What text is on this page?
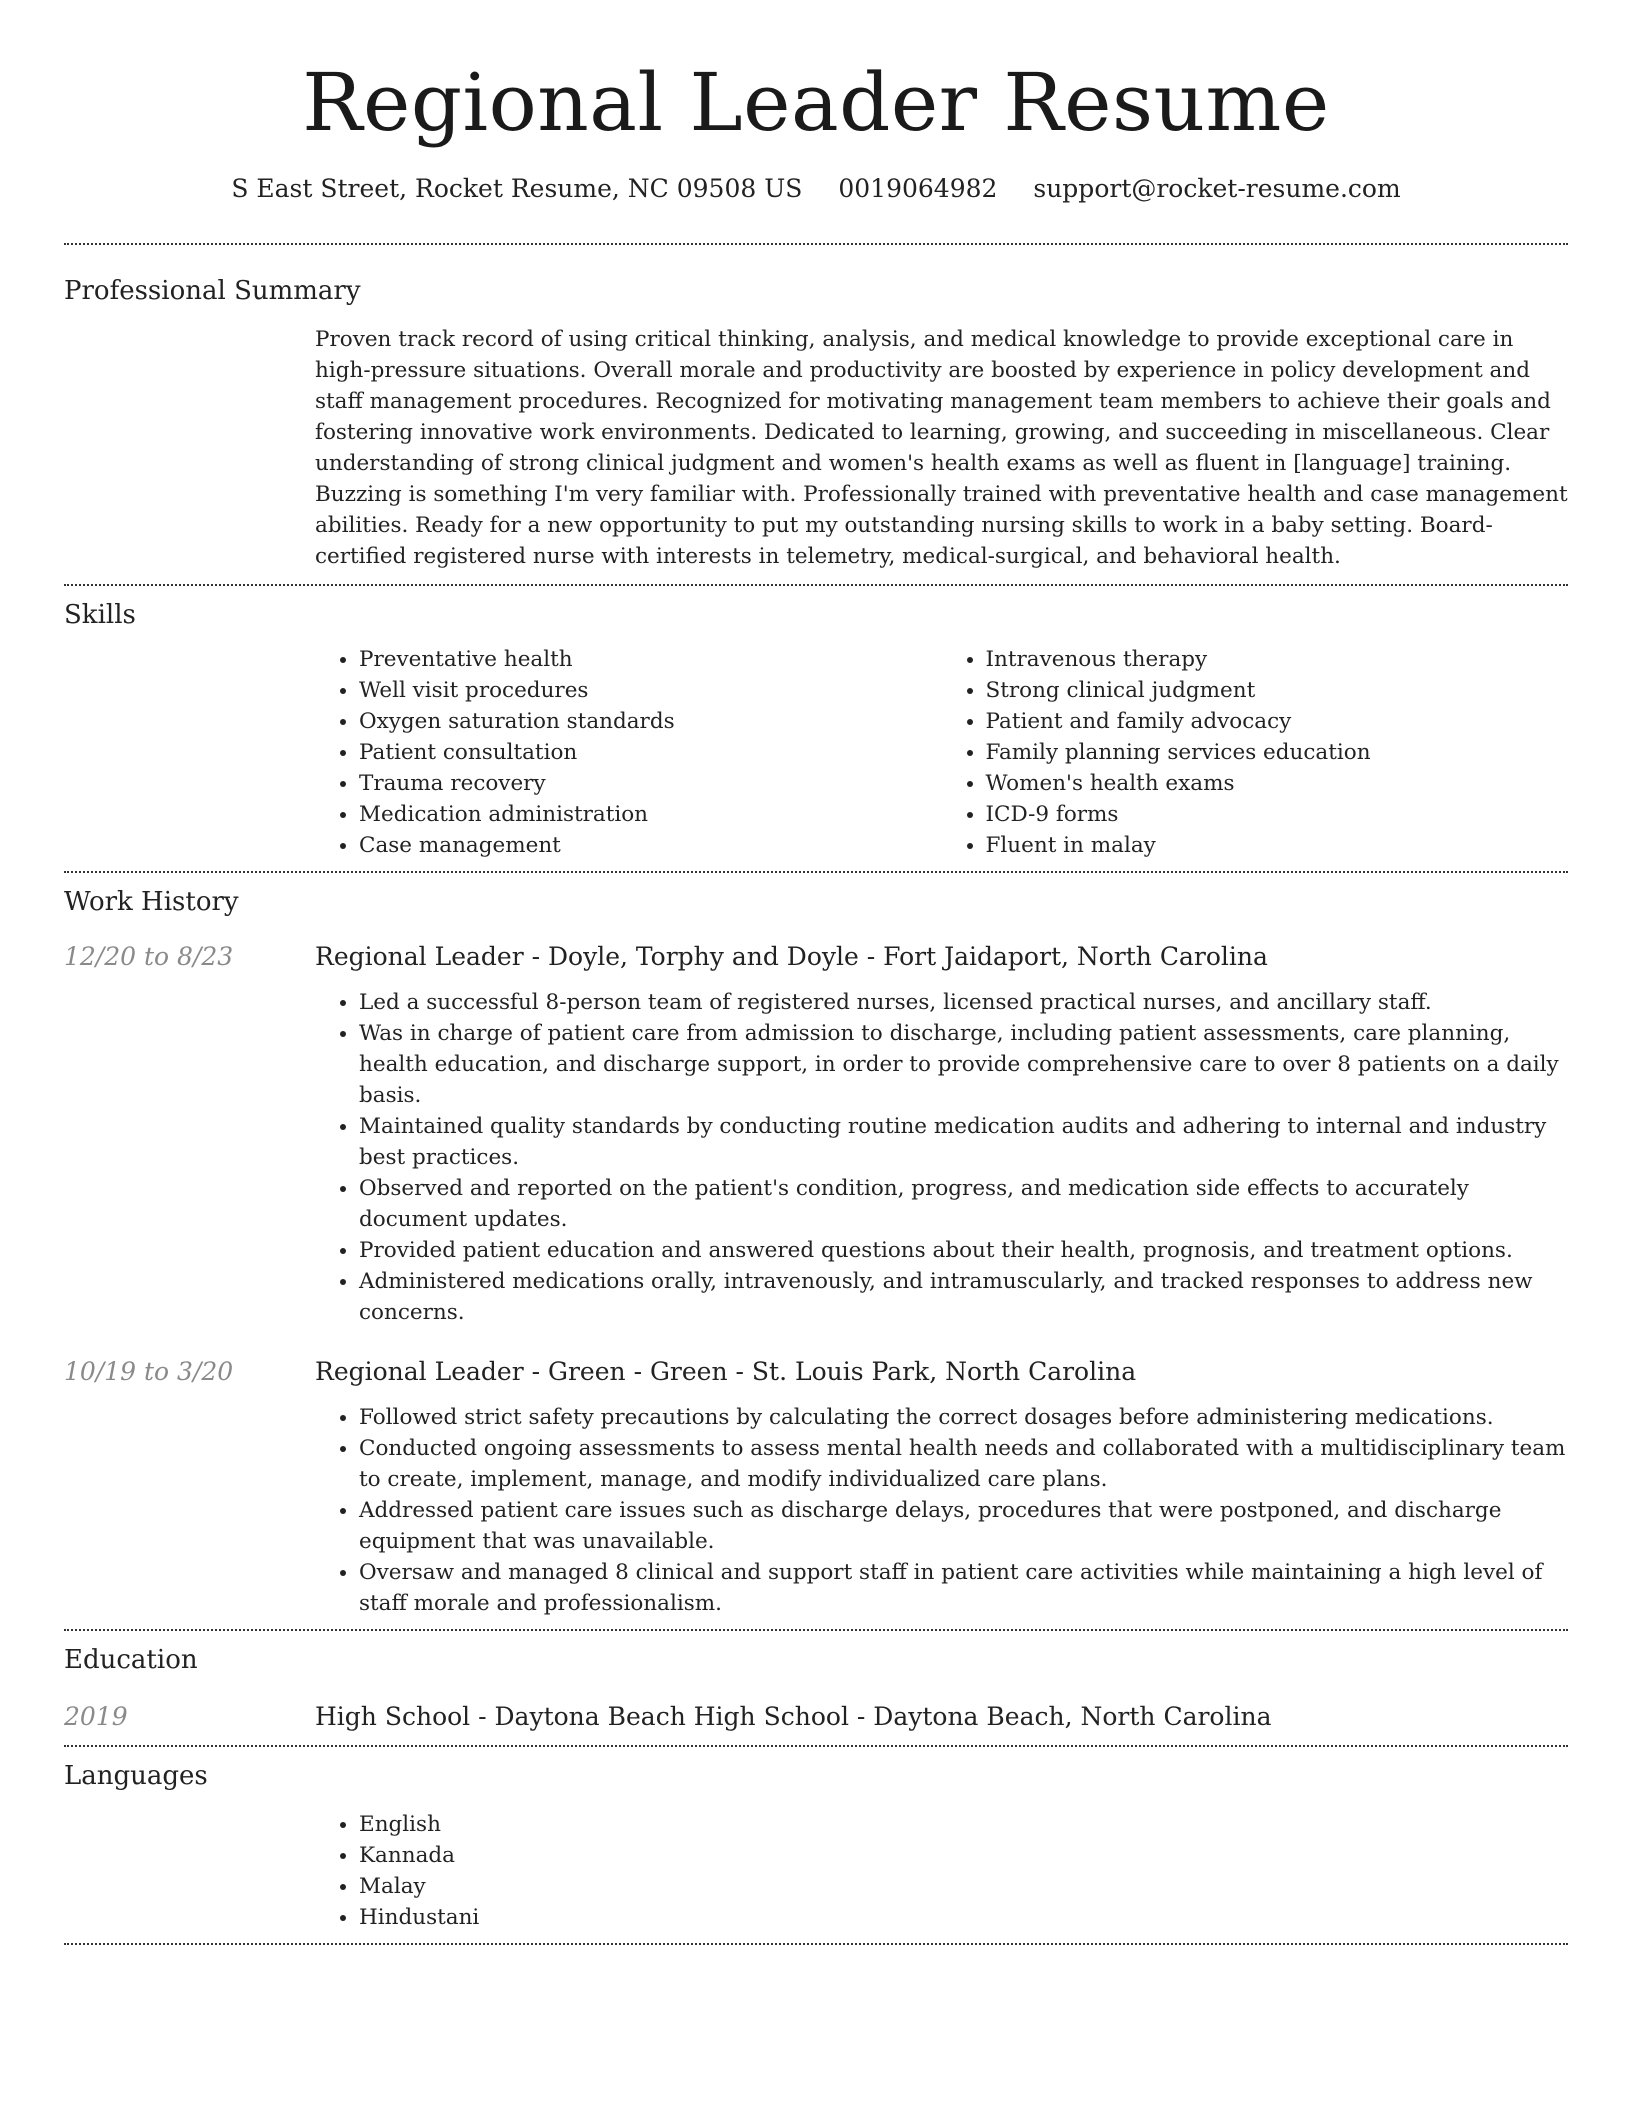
Regional Leader Resume
S East Street, Rocket Resume, NC 09508 US 0019064982 support@rocket-resume.com
Professional Summary
Proven track record of using critical thinking, analysis, and medical knowledge to provide exceptional care in high-pressure situations. Overall morale and productivity are boosted by experience in policy development and staff management procedures. Recognized for motivating management team members to achieve their goals and fostering innovative work environments. Dedicated to learning, growing, and succeeding in miscellaneous. Clear understanding of strong clinical judgment and women's health exams as well as fluent in [language] training. Buzzing is something I'm very familiar with. Professionally trained with preventative health and case management abilities. Ready for a new opportunity to put my outstanding nursing skills to work in a baby setting. Board-certified registered nurse with interests in telemetry, medical-surgical, and behavioral health.
Skills
• Preventative health
• Well visit procedures
• Oxygen saturation standards
• Patient consultation
• Trauma recovery
• Medication administration
• Case management
• Intravenous therapy
• Strong clinical judgment
• Patient and family advocacy
• Family planning services education
• Women's health exams
• ICD-9 forms
• Fluent in malay
Work History
12/20 to 8/23	Regional Leader - Doyle, Torphy and Doyle - Fort Jaidaport, North Carolina
• Led a successful 8-person team of registered nurses, licensed practical nurses, and ancillary staff.
• Was in charge of patient care from admission to discharge, including patient assessments, care planning, health education, and discharge support, in order to provide comprehensive care to over 8 patients on a daily basis.
• Maintained quality standards by conducting routine medication audits and adhering to internal and industry best practices.
• Observed and reported on the patient's condition, progress, and medication side effects to accurately document updates.
• Provided patient education and answered questions about their health, prognosis, and treatment options.
• Administered medications orally, intravenously, and intramuscularly, and tracked responses to address new concerns.
10/19 to 3/20	Regional Leader - Green - Green - St. Louis Park, North Carolina
• Followed strict safety precautions by calculating the correct dosages before administering medications.
• Conducted ongoing assessments to assess mental health needs and collaborated with a multidisciplinary team to create, implement, manage, and modify individualized care plans.
• Addressed patient care issues such as discharge delays, procedures that were postponed, and discharge equipment that was unavailable.
• Oversaw and managed 8 clinical and support staff in patient care activities while maintaining a high level of staff morale and professionalism.
Education
2019	High School - Daytona Beach High School - Daytona Beach, North Carolina
Languages
• English
• Kannada
• Malay
• Hindustani
